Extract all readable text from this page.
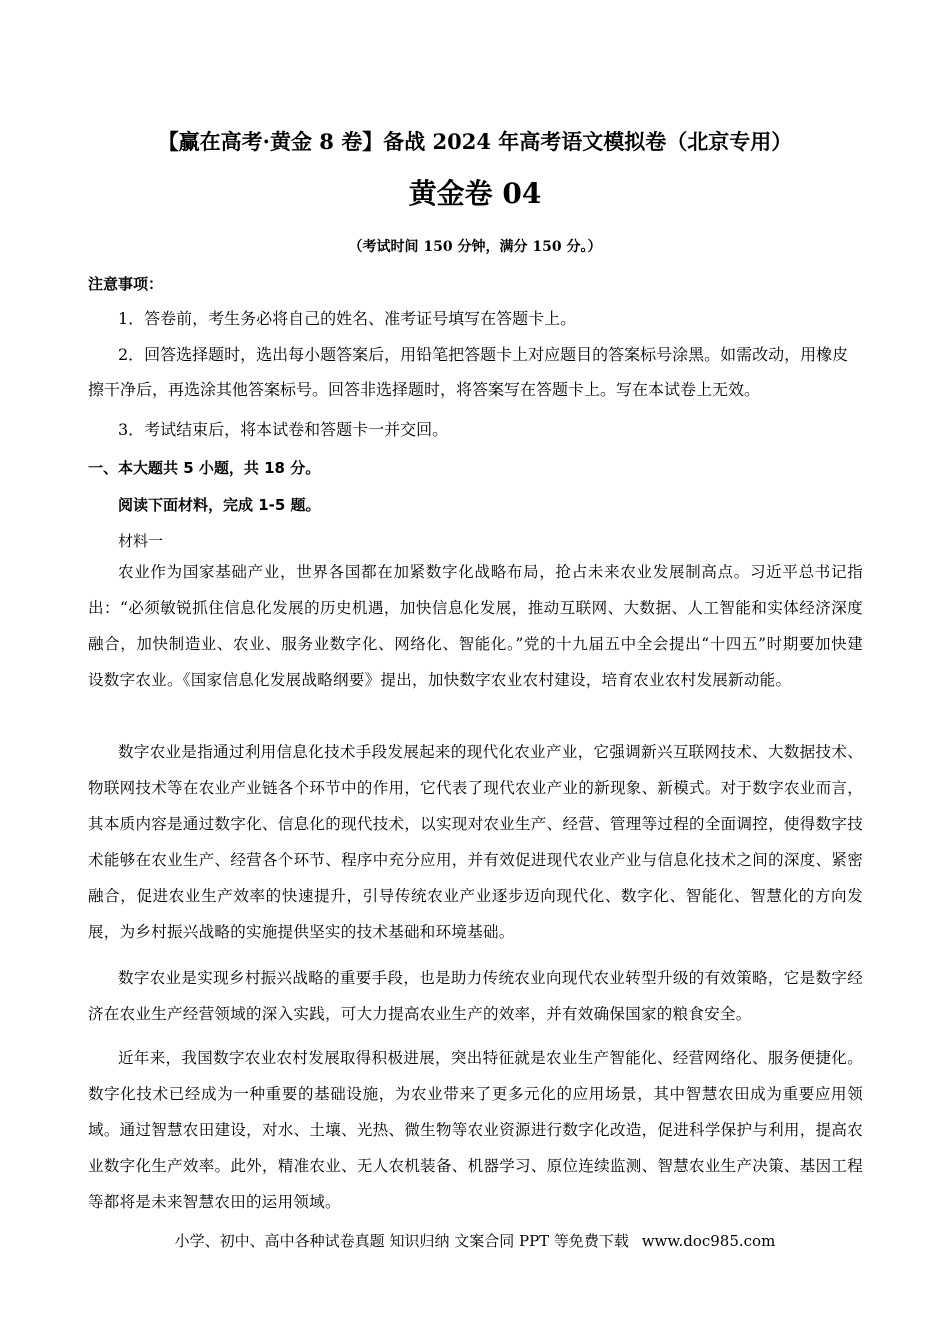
【赢在高考·黄金 8 卷】备战 2024 年高考语文模拟卷（北京专用）
黄金卷 04
（考试时间 150 分钟，满分 150 分。）
注意事项：
1．答卷前，考生务必将自己的姓名、准考证号填写在答题卡上。
2．回答选择题时，选出每小题答案后，用铅笔把答题卡上对应题目的答案标号涂黑。如需改动，用橡皮擦干净后，再选涂其他答案标号。回答非选择题时，将答案写在答题卡上。写在本试卷上无效。
3．考试结束后，将本试卷和答题卡一并交回。
一、本大题共 5 小题，共 18 分。
阅读下面材料，完成 1-5 题。
材料一
农业作为国家基础产业，世界各国都在加紧数字化战略布局，抢占未来农业发展制高点。习近平总书记指出：“必须敏锐抓住信息化发展的历史机遇，加快信息化发展，推动互联网、大数据、人工智能和实体经济深度融合，加快制造业、农业、服务业数字化、网络化、智能化。”党的十九届五中全会提出“十四五”时期要加快建设数字农业。《国家信息化发展战略纲要》提出，加快数字农业农村建设，培育农业农村发展新动能。
数字农业是指通过利用信息化技术手段发展起来的现代化农业产业，它强调新兴互联网技术、大数据技术、物联网技术等在农业产业链各个环节中的作用，它代表了现代农业产业的新现象、新模式。对于数字农业而言，其本质内容是通过数字化、信息化的现代技术，以实现对农业生产、经营、管理等过程的全面调控，使得数字技术能够在农业生产、经营各个环节、程序中充分应用，并有效促进现代农业产业与信息化技术之间的深度、紧密融合，促进农业生产效率的快速提升，引导传统农业产业逐步迈向现代化、数字化、智能化、智慧化的方向发展，为乡村振兴战略的实施提供坚实的技术基础和环境基础。
数字农业是实现乡村振兴战略的重要手段，也是助力传统农业向现代农业转型升级的有效策略，它是数字经济在农业生产经营领域的深入实践，可大力提高农业生产的效率，并有效确保国家的粮食安全。
近年来，我国数字农业农村发展取得积极进展，突出特征就是农业生产智能化、经营网络化、服务便捷化。数字化技术已经成为一种重要的基础设施，为农业带来了更多元化的应用场景，其中智慧农田成为重要应用领域。通过智慧农田建设，对水、土壤、光热、微生物等农业资源进行数字化改造，促进科学保护与利用，提高农业数字化生产效率。此外，精准农业、无人农机装备、机器学习、原位连续监测、智慧农业生产决策、基因工程等都将是未来智慧农田的运用领域。
小学、初中、高中各种试卷真题 知识归纳 文案合同 PPT 等免费下载 www.doc985.com
